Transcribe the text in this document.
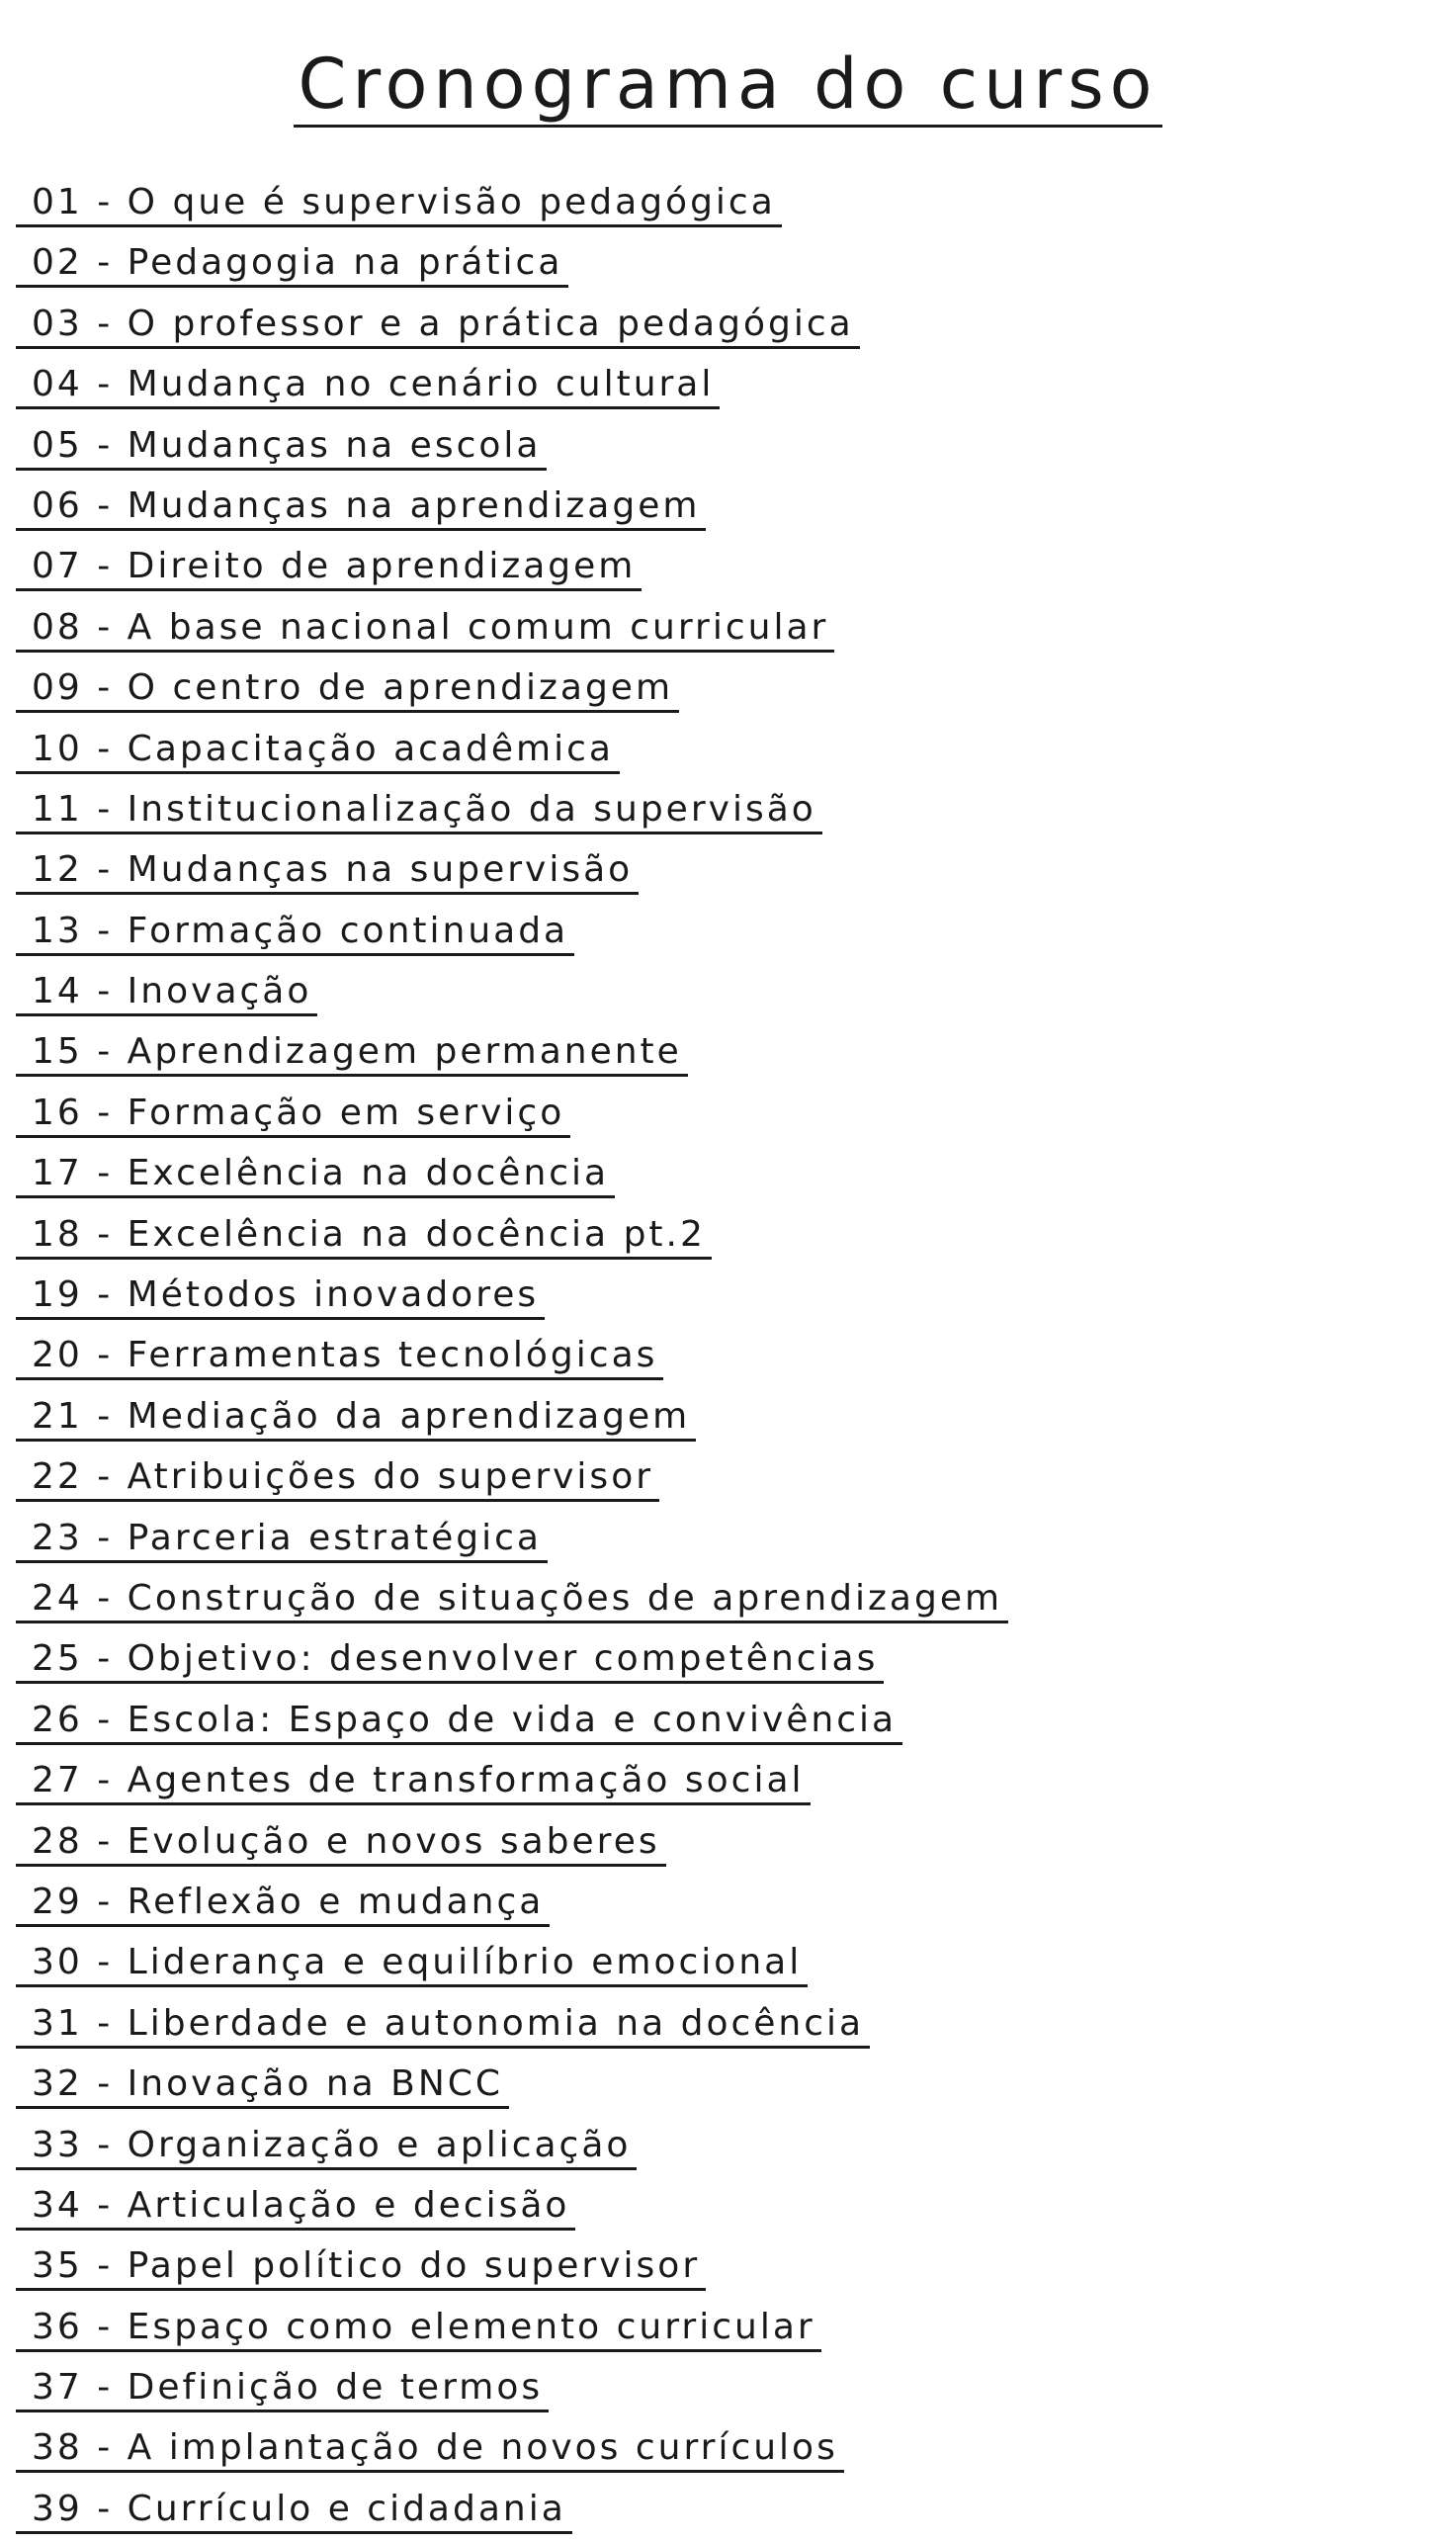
Cronograma do curso
01 - O que é supervisão pedagógica
02 - Pedagogia na prática
03 - O professor e a prática pedagógica
04 - Mudança no cenário cultural
05 - Mudanças na escola
06 - Mudanças na aprendizagem
07 - Direito de aprendizagem
08 - A base nacional comum curricular
09 - O centro de aprendizagem
10 - Capacitação acadêmica
11 - Institucionalização da supervisão
12 - Mudanças na supervisão
13 - Formação continuada
14 - Inovação
15 - Aprendizagem permanente
16 - Formação em serviço
17 - Excelência na docência
18 - Excelência na docência pt.2
19 - Métodos inovadores
20 - Ferramentas tecnológicas
21 - Mediação da aprendizagem
22 - Atribuições do supervisor
23 - Parceria estratégica
24 - Construção de situações de aprendizagem
25 - Objetivo: desenvolver competências
26 - Escola: Espaço de vida e convivência
27 - Agentes de transformação social
28 - Evolução e novos saberes
29 - Reflexão e mudança
30 - Liderança e equilíbrio emocional
31 - Liberdade e autonomia na docência
32 - Inovação na BNCC
33 - Organização e aplicação
34 - Articulação e decisão
35 - Papel político do supervisor
36 - Espaço como elemento curricular
37 - Definição de termos
38 - A implantação de novos currículos
39 - Currículo e cidadania
